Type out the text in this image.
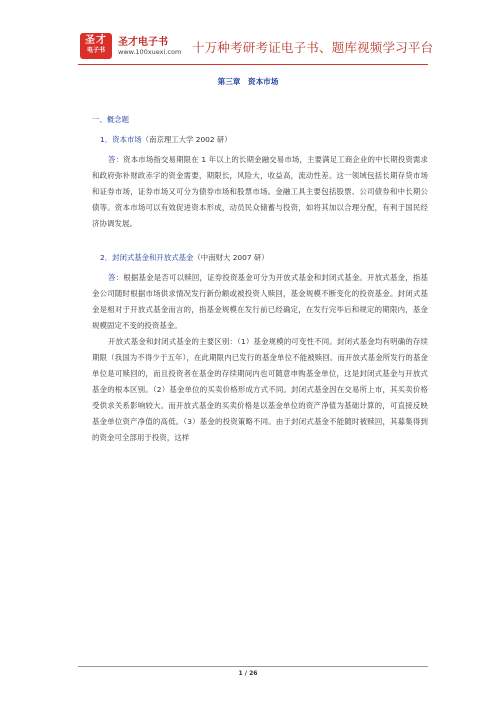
圣才
电子书
圣才电子书
www.100xuexi.com 十万种考研考证电子书、题库视频学习平台
第三章　资本市场

一、概念题

1．资本市场（南京理工大学 2002 研）

答：资本市场指交易期限在 1 年以上的长期金融交易市场，主要满足工商企业的中长期投资需求和政府弥补财政赤字的资金需要，期限长，风险大，收益高，流动性差。这一领域包括长期存贷市场和证券市场，证券市场又可分为债券市场和股票市场。金融工具主要包括股票、公司债券和中长期公债等。资本市场可以有效促进资本形成，动员民众储蓄与投资，如将其加以合理分配，有利于国民经济协调发展。

2．封闭式基金和开放式基金（中南财大 2007 研）

答：根据基金是否可以赎回，证券投资基金可分为开放式基金和封闭式基金。开放式基金，指基金公司随时根据市场供求情况发行新份额或被投资人赎回，基金规模不断变化的投资基金。封闭式基金是相对于开放式基金而言的，指基金规模在发行前已经确定，在发行完毕后和规定的期限内，基金规模固定不变的投资基金。

开放式基金和封闭式基金的主要区别：（1）基金规模的可变性不同。封闭式基金均有明确的存续期限（我国为不得少于五年），在此期限内已发行的基金单位不能被赎回。而开放式基金所发行的基金单位是可赎回的，而且投资者在基金的存续期间内也可随意申购基金单位，这是封闭式基金与开放式基金的根本区别。（2）基金单位的买卖价格形成方式不同。封闭式基金因在交易所上市，其买卖价格受供求关系影响较大。而开放式基金的买卖价格是以基金单位的资产净值为基础计算的，可直接反映基金单位资产净值的高低。（3）基金的投资策略不同。由于封闭式基金不能随时被赎回，其募集得到的资金可全部用于投资，这样

1 / 26
